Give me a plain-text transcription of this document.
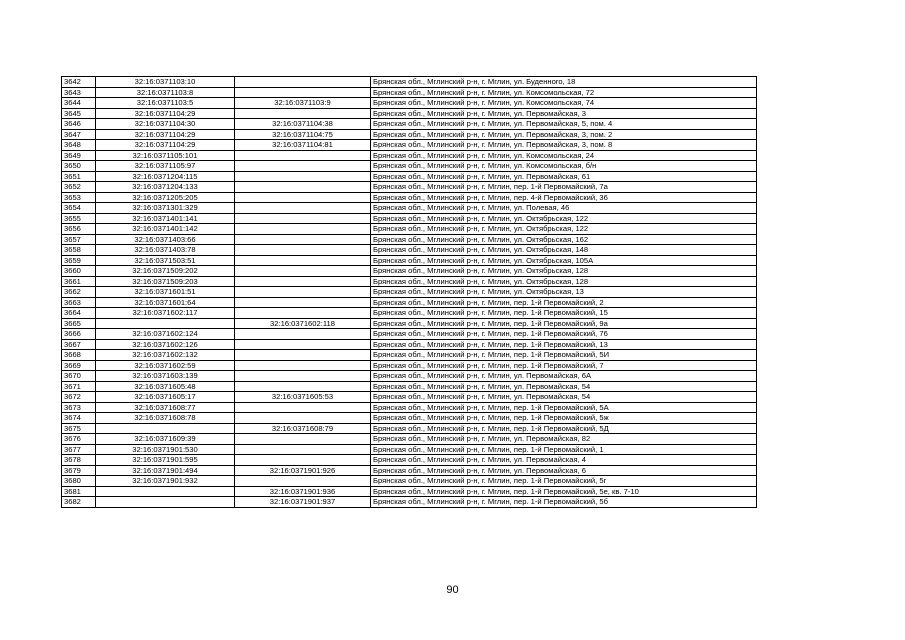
3642	32:16:0371103:10		Брянская обл., Мглинский р-н, г. Мглин, ул. Буденного, 18
3643	32:16:0371103:8		Брянская обл., Мглинский р-н, г. Мглин, ул. Комсомольская, 72
3644	32:16:0371103:5	32:16:0371103:9	Брянская обл., Мглинский р-н, г. Мглин, ул. Комсомольская, 74
3645	32:16:0371104:29		Брянская обл., Мглинский р-н, г. Мглин, ул. Первомайская, 3
3646	32:16:0371104:30	32:16:0371104:38	Брянская обл., Мглинский р-н, г. Мглин, ул. Первомайская, 5, пом. 4
3647	32:16:0371104:29	32:16:0371104:75	Брянская обл., Мглинский р-н, г. Мглин, ул. Первомайская, 3, пом. 2
3648	32:16:0371104:29	32:16:0371104:81	Брянская обл., Мглинский р-н, г. Мглин, ул. Первомайская, 3, пом. 8
3649	32:16:0371105:101		Брянская обл., Мглинский р-н, г. Мглин, ул. Комсомольская, 24
3650	32:16:0371105:97		Брянская обл., Мглинский р-н, г. Мглин, ул. Комсомольская, б/н
3651	32:16:0371204:115		Брянская обл., Мглинский р-н, г. Мглин, ул. Первомайская, 61
3652	32:16:0371204:133		Брянская обл., Мглинский р-н, г. Мглин, пер. 1-й Первомайский, 7а
3653	32:16:0371205:205		Брянская обл., Мглинский р-н, г. Мглин, пер. 4-й Первомайский, 36
3654	32:16:0371301:329		Брянская обл., Мглинский р-н, г. Мглин, ул. Полевая, 46
3655	32:16:0371401:141		Брянская обл., Мглинский р-н, г. Мглин, ул. Октябрьская, 122
3656	32:16:0371401:142		Брянская обл., Мглинский р-н, г. Мглин, ул. Октябрьская, 122
3657	32:16:0371403:66		Брянская обл., Мглинский р-н, г. Мглин, ул. Октябрьская, 162
3658	32:16:0371403:78		Брянская обл., Мглинский р-н, г. Мглин, ул. Октябрьская, 148
3659	32:16:0371503:51		Брянская обл., Мглинский р-н, г. Мглин, ул. Октябрьская, 105А
3660	32:16:0371509:202		Брянская обл., Мглинский р-н, г. Мглин, ул. Октябрьская, 128
3661	32:16:0371509:203		Брянская обл., Мглинский р-н, г. Мглин, ул. Октябрьская, 128
3662	32:16:0371601:51		Брянская обл., Мглинский р-н, г. Мглин, ул. Октябрьская, 13
3663	32:16:0371601:64		Брянская обл., Мглинский р-н, г. Мглин, пер. 1-й Первомайский, 2
3664	32:16:0371602:117		Брянская обл., Мглинский р-н, г. Мглин, пер. 1-й Первомайский, 15
3665		32:16:0371602:118	Брянская обл., Мглинский р-н, г. Мглин, пер. 1-й Первомайский, 9а
3666	32:16:0371602:124		Брянская обл., Мглинский р-н, г. Мглин, пер. 1-й Первомайский, 76
3667	32:16:0371602:126		Брянская обл., Мглинский р-н, г. Мглин, пер. 1-й Первомайский, 13
3668	32:16:0371602:132		Брянская обл., Мглинский р-н, г. Мглин, пер. 1-й Первомайский, 5И
3669	32:16:0371602:59		Брянская обл., Мглинский р-н, г. Мглин, пер. 1-й Первомайский, 7
3670	32:16:0371603:139		Брянская обл., Мглинский р-н, г. Мглин, ул. Первомайская, 6А
3671	32:16:0371605:48		Брянская обл., Мглинский р-н, г. Мглин, ул. Первомайская, 54
3672	32:16:0371605:17	32:16:0371605:53	Брянская обл., Мглинский р-н, г. Мглин, ул. Первомайская, 54
3673	32:16:0371608:77		Брянская обл., Мглинский р-н, г. Мглин, пер. 1-й Первомайский, 5А
3674	32:16:0371608:78		Брянская обл., Мглинский р-н, г. Мглин, пер. 1-й Первомайский, 5ж
3675		32:16:0371608:79	Брянская обл., Мглинский р-н, г. Мглин, пер. 1-й Первомайский, 5Д
3676	32:16:0371609:39		Брянская обл., Мглинский р-н, г. Мглин, ул. Первомайская, 82
3677	32:16:0371901:530		Брянская обл., Мглинский р-н, г. Мглин, пер. 1-й Первомайский, 1
3678	32:16:0371901:595		Брянская обл., Мглинский р-н, г. Мглин, ул. Первомайская, 4
3679	32:16:0371901:494	32:16:0371901:926	Брянская обл., Мглинский р-н, г. Мглин, ул. Первомайская, 6
3680	32:16:0371901:932		Брянская обл., Мглинский р-н, г. Мглин, пер. 1-й Первомайский, 5г
3681		32:16:0371901:936	Брянская обл., Мглинский р-н, г. Мглин, пер. 1-й Первомайский, 5е, кв. 7-10
3682		32:16:0371901:937	Брянская обл., Мглинский р-н, г. Мглин, пер. 1-й Первомайский, 5б
90
